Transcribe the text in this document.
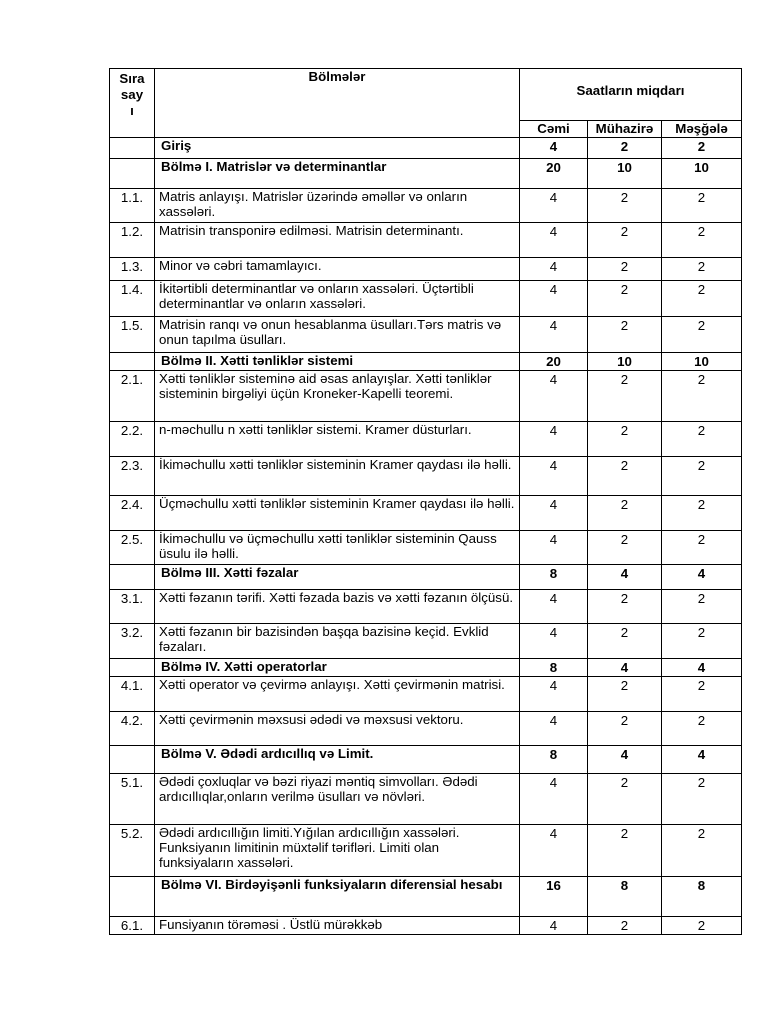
Sıra
say
ı	Bölmələr	Saatların miqdarı		
		Cəmi	Mühazirə	Məşğələ
	Giriş	4	2	2
	Bölmə I. Matrislər və determinantlar	20	10	10
1.1.	Matris anlayışı. Matrislər üzərində əməllər və onların xassələri.	4	2	2
1.2.	Matrisin transponirə edilməsi. Matrisin determinantı.	4	2	2
1.3.	Minor və cəbri tamamlayıcı.	4	2	2
1.4.	İkitərtibli determinantlar və onların xassələri. Üçtərtibli determinantlar və onların xassələri.	4	2	2
1.5.	Matrisin ranqı və onun hesablanma üsulları.Tərs matris və onun tapılma üsulları.	4	2	2
	Bölmə II. Xətti tənliklər sistemi	20	10	10
2.1.	Xətti tənliklər sisteminə aid əsas anlayışlar. Xətti tənliklər sisteminin birgəliyi üçün Kroneker-Kapelli teoremi.	4	2	2
2.2.	n-məchullu n xətti tənliklər sistemi. Kramer düsturları.	4	2	2
2.3.	İkiməchullu xətti tənliklər sisteminin Kramer qaydası ilə həlli.	4	2	2
2.4.	Üçməchullu xətti tənliklər sisteminin Kramer qaydası ilə həlli.	4	2	2
2.5.	İkiməchullu və üçməchullu xətti tənliklər sisteminin Qauss üsulu ilə həlli.	4	2	2
	Bölmə III. Xətti fəzalar	8	4	4
3.1.	Xətti fəzanın tərifi. Xətti fəzada bazis və xətti fəzanın ölçüsü.	4	2	2
3.2.	Xətti fəzanın bir bazisindən başqa bazisinə keçid. Evklid fəzaları.	4	2	2
	Bölmə IV. Xətti operatorlar	8	4	4
4.1.	Xətti operator və çevirmə anlayışı. Xətti çevirmənin matrisi.	4	2	2
4.2.	Xətti çevirmənin məxsusi ədədi və məxsusi vektoru.	4	2	2
	Bölmə V. Ədədi ardıcıllıq və Limit.	8	4	4
5.1.	Ədədi çoxluqlar və bəzi riyazi məntiq simvolları. Ədədi ardıcıllıqlar,onların verilmə üsulları və növləri.	4	2	2
5.2.	Ədədi ardıcıllığın limiti.Yığılan ardıcıllığın xassələri. Funksiyanın limitinin müxtəlif tərifləri. Limiti olan funksiyaların xassələri.	4	2	2
	Bölmə VI. Birdəyişənli funksiyaların diferensial hesabı	16	8	8
6.1.	Funsiyanın törəməsi . Üstlü mürəkkəb	4	2	2
